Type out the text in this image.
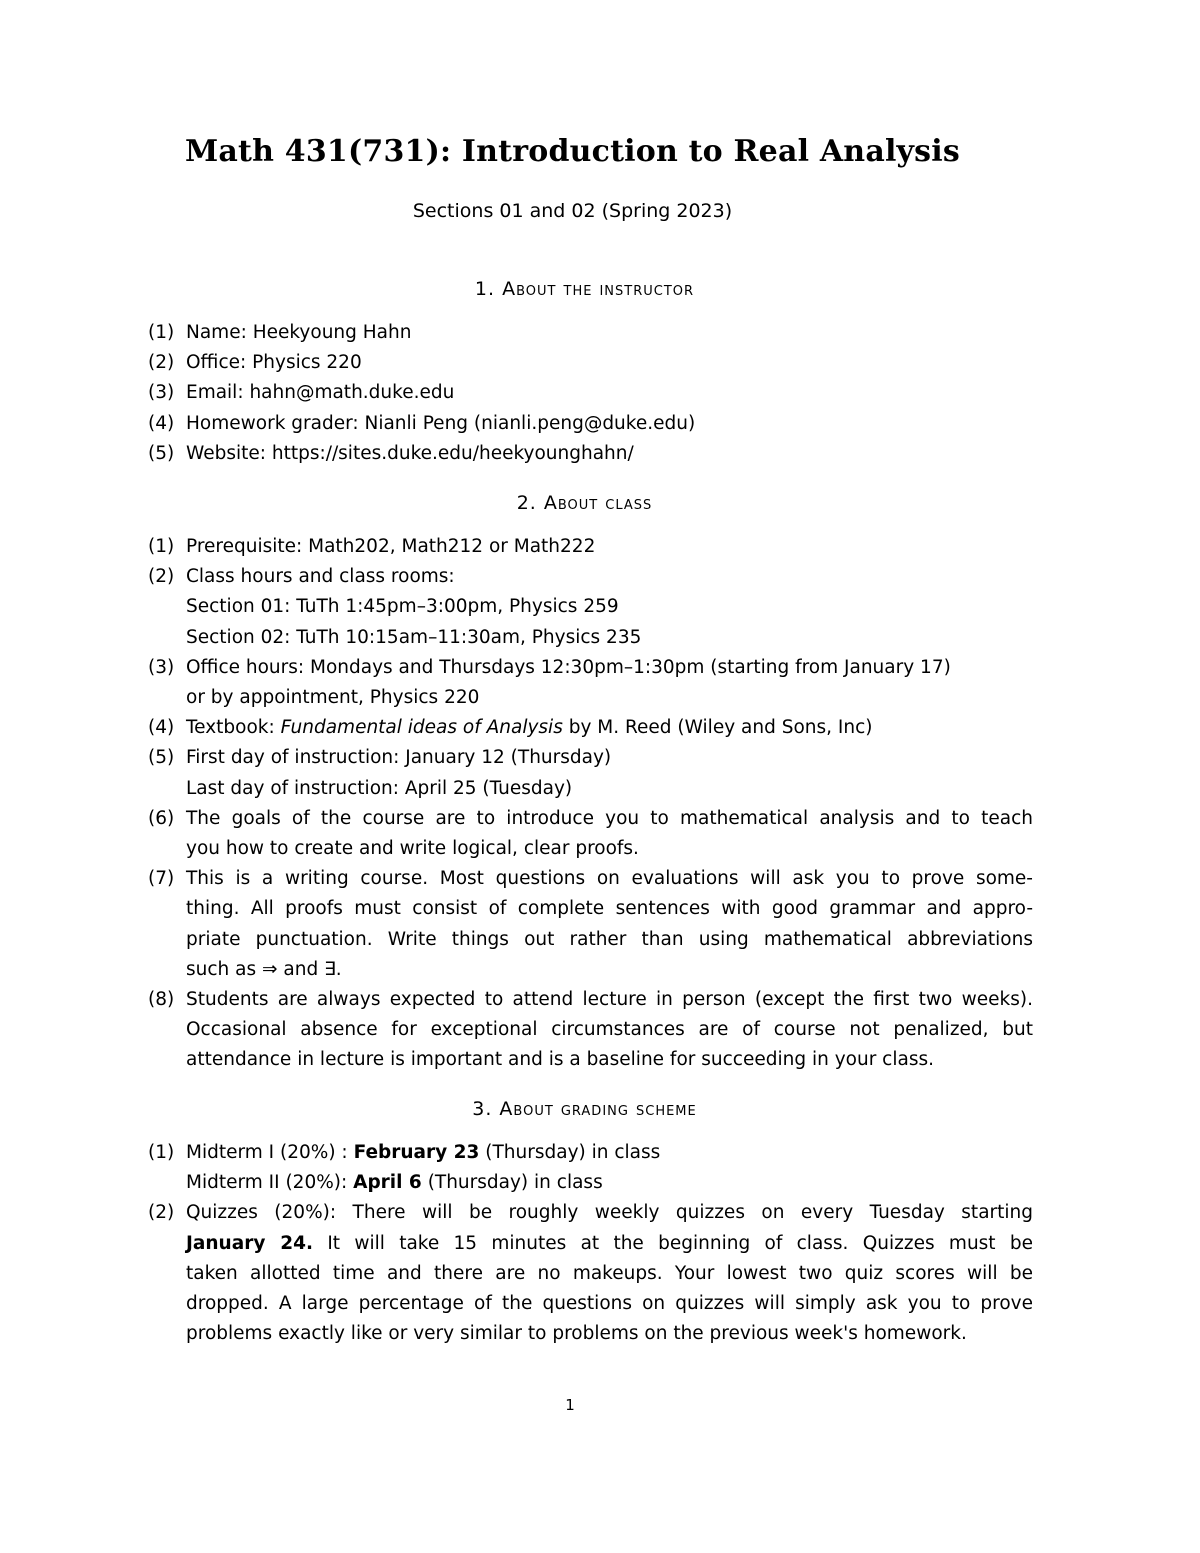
Math 431(731): Introduction to Real Analysis
Sections 01 and 02 (Spring 2023)
1. About the instructor
(1) Name: Heekyoung Hahn
(2) Office: Physics 220
(3) Email: hahn@math.duke.edu
(4) Homework grader: Nianli Peng (nianli.peng@duke.edu)
(5) Website: https://sites.duke.edu/heekyounghahn/
2. About class
(1) Prerequisite: Math202, Math212 or Math222
(2) Class hours and class rooms:
Section 01: TuTh 1:45pm–3:00pm, Physics 259
Section 02: TuTh 10:15am–11:30am, Physics 235
(3) Office hours: Mondays and Thursdays 12:30pm–1:30pm (starting from January 17)
or by appointment, Physics 220
(4) Textbook: Fundamental ideas of Analysis by M. Reed (Wiley and Sons, Inc)
(5) First day of instruction: January 12 (Thursday)
Last day of instruction: April 25 (Tuesday)
(6) The goals of the course are to introduce you to mathematical analysis and to teach
you how to create and write logical, clear proofs.
(7) This is a writing course. Most questions on evaluations will ask you to prove some-
thing. All proofs must consist of complete sentences with good grammar and appro-
priate punctuation. Write things out rather than using mathematical abbreviations
such as ⇒ and ∃.
(8) Students are always expected to attend lecture in person (except the first two weeks).
Occasional absence for exceptional circumstances are of course not penalized, but
attendance in lecture is important and is a baseline for succeeding in your class.
3. About grading scheme
(1) Midterm I (20%) : February 23 (Thursday) in class
Midterm II (20%): April 6 (Thursday) in class
(2) Quizzes (20%): There will be roughly weekly quizzes on every Tuesday starting
January 24. It will take 15 minutes at the beginning of class. Quizzes must be
taken allotted time and there are no makeups. Your lowest two quiz scores will be
dropped. A large percentage of the questions on quizzes will simply ask you to prove
problems exactly like or very similar to problems on the previous week's homework.
1
